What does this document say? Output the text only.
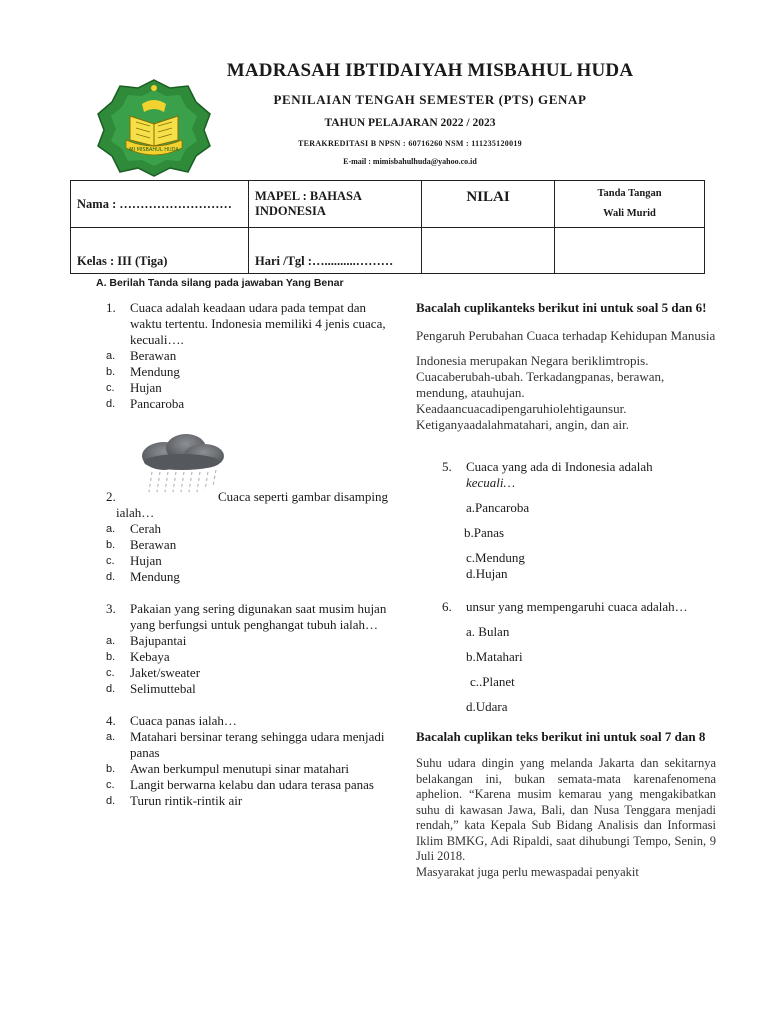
MI MISBAHUL HUDA
MADRASAH IBTIDAIYAH MISBAHUL HUDA
PENILAIAN TENGAH SEMESTER (PTS) GENAP
TAHUN PELAJARAN 2022 / 2023
TERAKREDITASI B NPSN : 60716260 NSM : 111235120019
E-mail : mimisbahulhuda@yahoo.co.id
Nama : ………………………	MAPEL : BAHASA INDONESIA	NILAI	Tanda Tangan
Wali Murid

Kelas : III (Tiga)	Hari /Tgl :…..........………		
A. Berilah Tanda silang pada jawaban Yang Benar
1.	Cuaca adalah keadaan udara pada tempat dan waktu tertentu. Indonesia memiliki 4 jenis cuaca, kecuali….
a.	Berawan
b.	Mendung
c.	Hujan
d.	Pancaroba
2.	Cuaca seperti gambar disamping ialah…
a.	Cerah
b.	Berawan
c.	Hujan
d.	Mendung
3.	Pakaian yang sering digunakan saat musim hujan yang berfungsi untuk penghangat tubuh ialah…
a.	Bajupantai
b.	Kebaya
c.	Jaket/sweater
d.	Selimuttebal
4.	Cuaca panas ialah…
a.	Matahari bersinar terang sehingga udara menjadi panas
b.	Awan berkumpul menutupi sinar matahari
c.	Langit berwarna kelabu dan udara terasa panas
d.	Turun rintik-rintik air

Bacalah cuplikanteks berikut ini untuk soal 5 dan 6!

Pengaruh Perubahan Cuaca terhadap Kehidupan Manusia

Indonesia merupakan Negara beriklimtropis. Cuacaberubah-ubah. Terkadangpanas, berawan, mendung, atauhujan. Keadaancuacadipengaruhiolehtigaunsur. Ketiganyaadalahmatahari, angin, dan air.

5.	Cuaca yang ada di Indonesia adalah
kecuali…
a.Pancaroba
b.Panas
c.Mendung
d.Hujan
6.	unsur yang mempengaruhi cuaca adalah…
a. Bulan
b.Matahari
c..Planet
d.Udara

Bacalah cuplikan teks berikut ini untuk soal 7 dan 8

Suhu udara dingin yang melanda Jakarta dan sekitarnya belakangan ini, bukan semata-mata karenafenomena aphelion. “Karena musim kemarau yang mengakibatkan suhu di kawasan Jawa, Bali, dan Nusa Tenggara menjadi rendah,” kata Kepala Sub Bidang Analisis dan Informasi Iklim BMKG, Adi Ripaldi, saat dihubungi Tempo, Senin, 9 Juli 2018.

Masyarakat juga perlu mewaspadai penyakit
